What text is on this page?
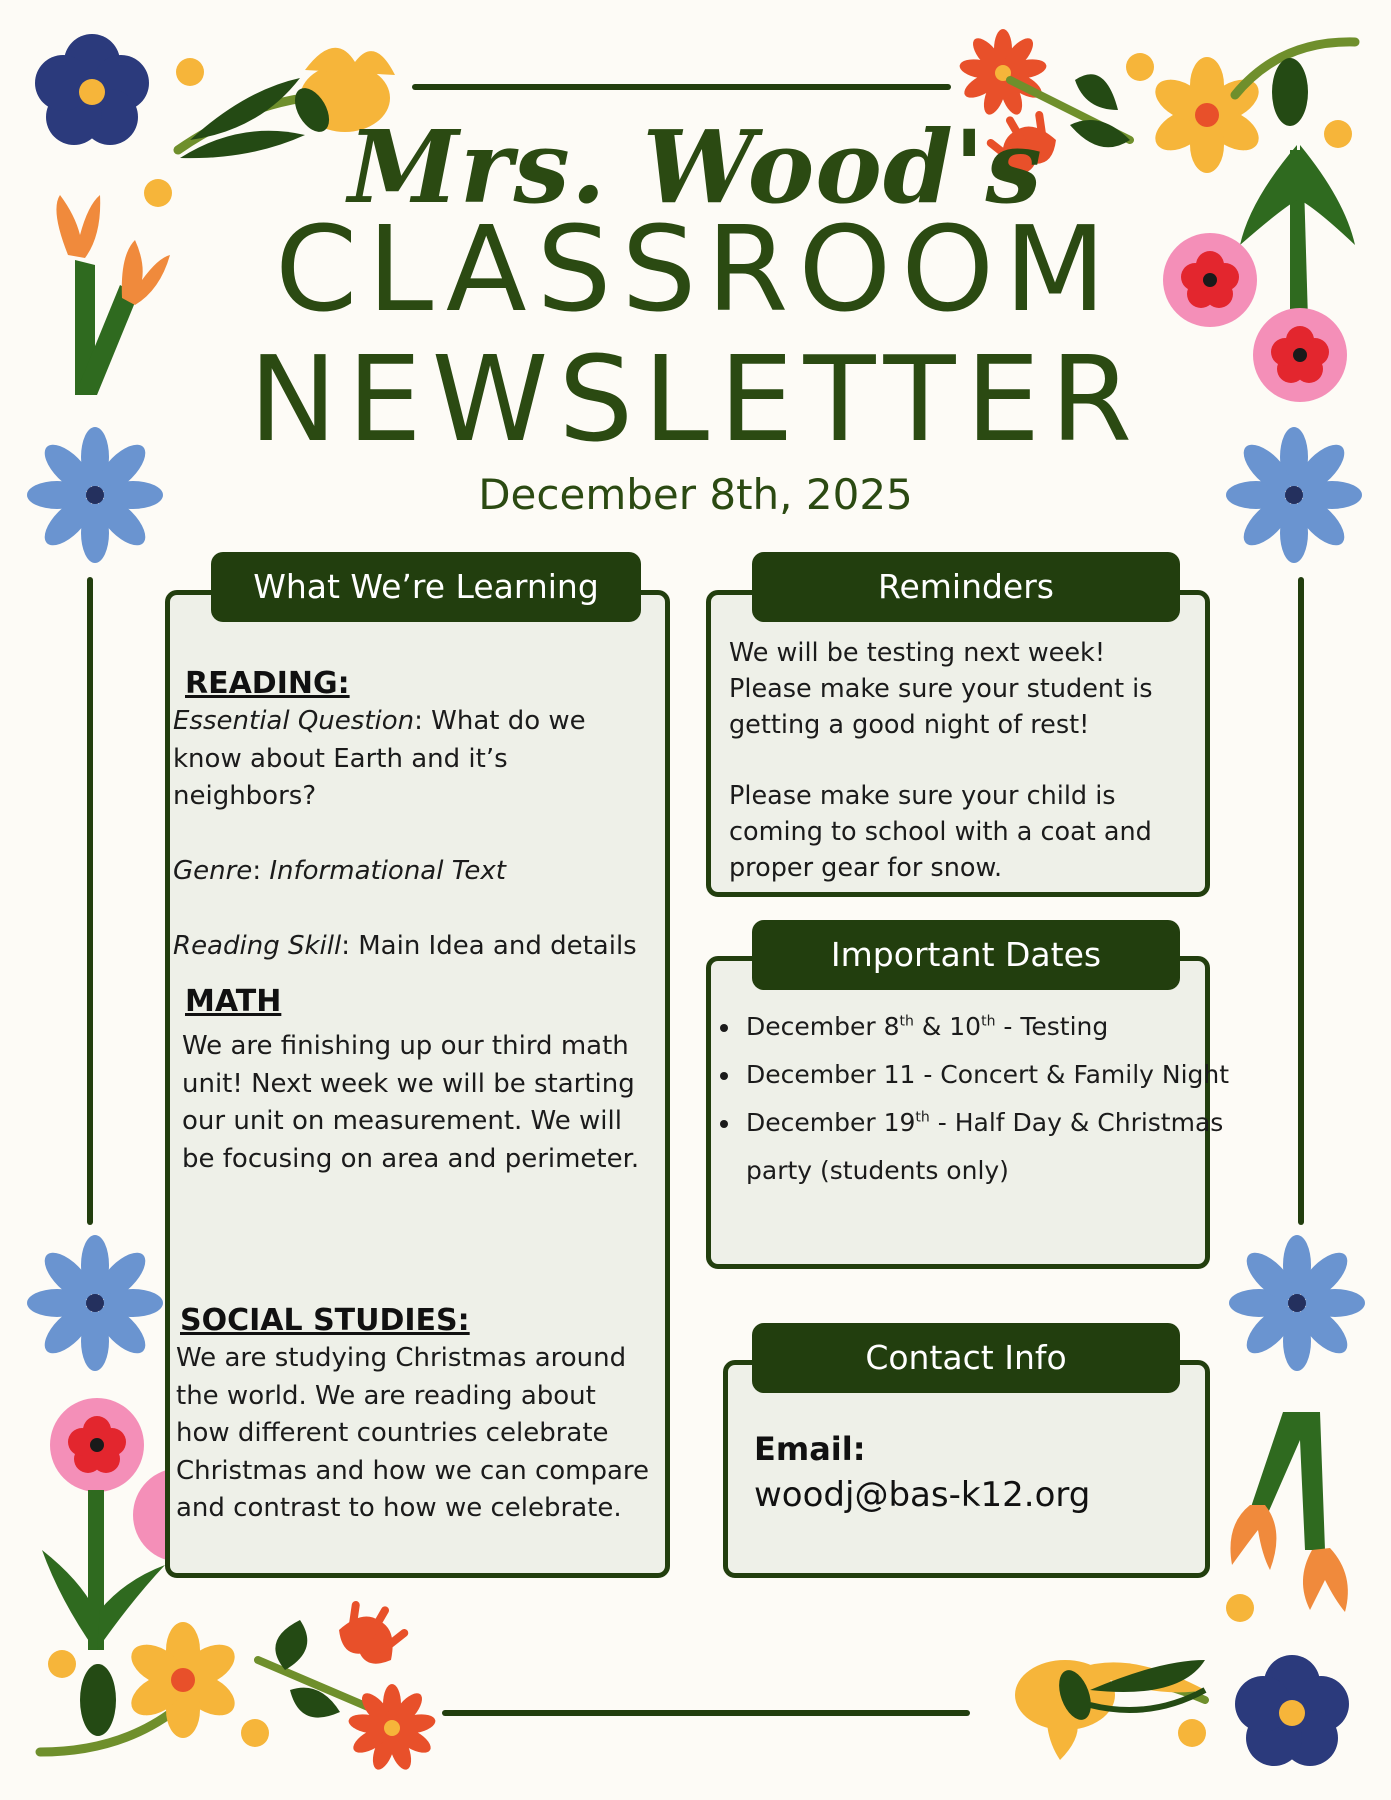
Mrs. Wood's
CLASSROOM
NEWSLETTER
December 8th, 2025
What We’re Learning
READING:
Essential Question: What do we know about Earth and it’s neighbors?
Genre: Informational Text
Reading Skill: Main Idea and details
MATH
We are finishing up our third math unit! Next week we will be starting our unit on measurement. We will be focusing on area and perimeter.
SOCIAL STUDIES:
We are studying Christmas around the world. We are reading about how different countries celebrate Christmas and how we can compare and contrast to how we celebrate.
Reminders
We will be testing next week! Please make sure your student is getting a good night of rest!
Please make sure your child is coming to school with a coat and proper gear for snow.
Important Dates
• December 8th & 10th - Testing
• December 11 - Concert & Family Night
• December 19th - Half Day & Christmas party (students only)
Contact Info
Email:
woodj@bas-k12.org
